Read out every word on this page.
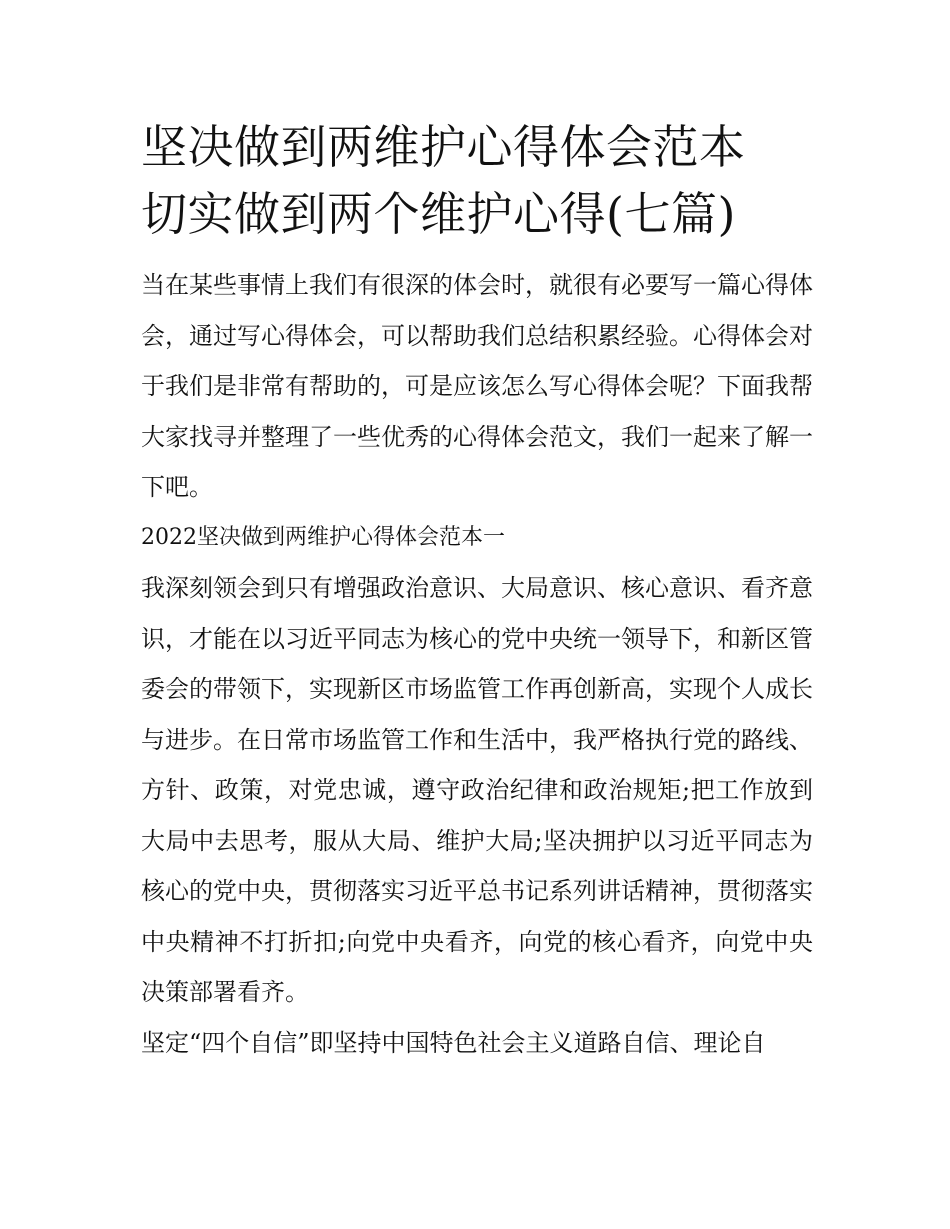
坚决做到两维护心得体会范本
切实做到两个维护心得(七篇)

当在某些事情上我们有很深的体会时，就很有必要写一篇心得体会，通过写心得体会，可以帮助我们总结积累经验。心得体会对于我们是非常有帮助的，可是应该怎么写心得体会呢？下面我帮大家找寻并整理了一些优秀的心得体会范文，我们一起来了解一下吧。

2022坚决做到两维护心得体会范本一

我深刻领会到只有增强政治意识、大局意识、核心意识、看齐意识，才能在以习近平同志为核心的党中央统一领导下，和新区管委会的带领下，实现新区市场监管工作再创新高，实现个人成长与进步。在日常市场监管工作和生活中，我严格执行党的路线、方针、政策，对党忠诚，遵守政治纪律和政治规矩;把工作放到大局中去思考，服从大局、维护大局;坚决拥护以习近平同志为核心的党中央，贯彻落实习近平总书记系列讲话精神，贯彻落实中央精神不打折扣;向党中央看齐，向党的核心看齐，向党中央决策部署看齐。

坚定“四个自信”即坚持中国特色社会主义道路自信、理论自
